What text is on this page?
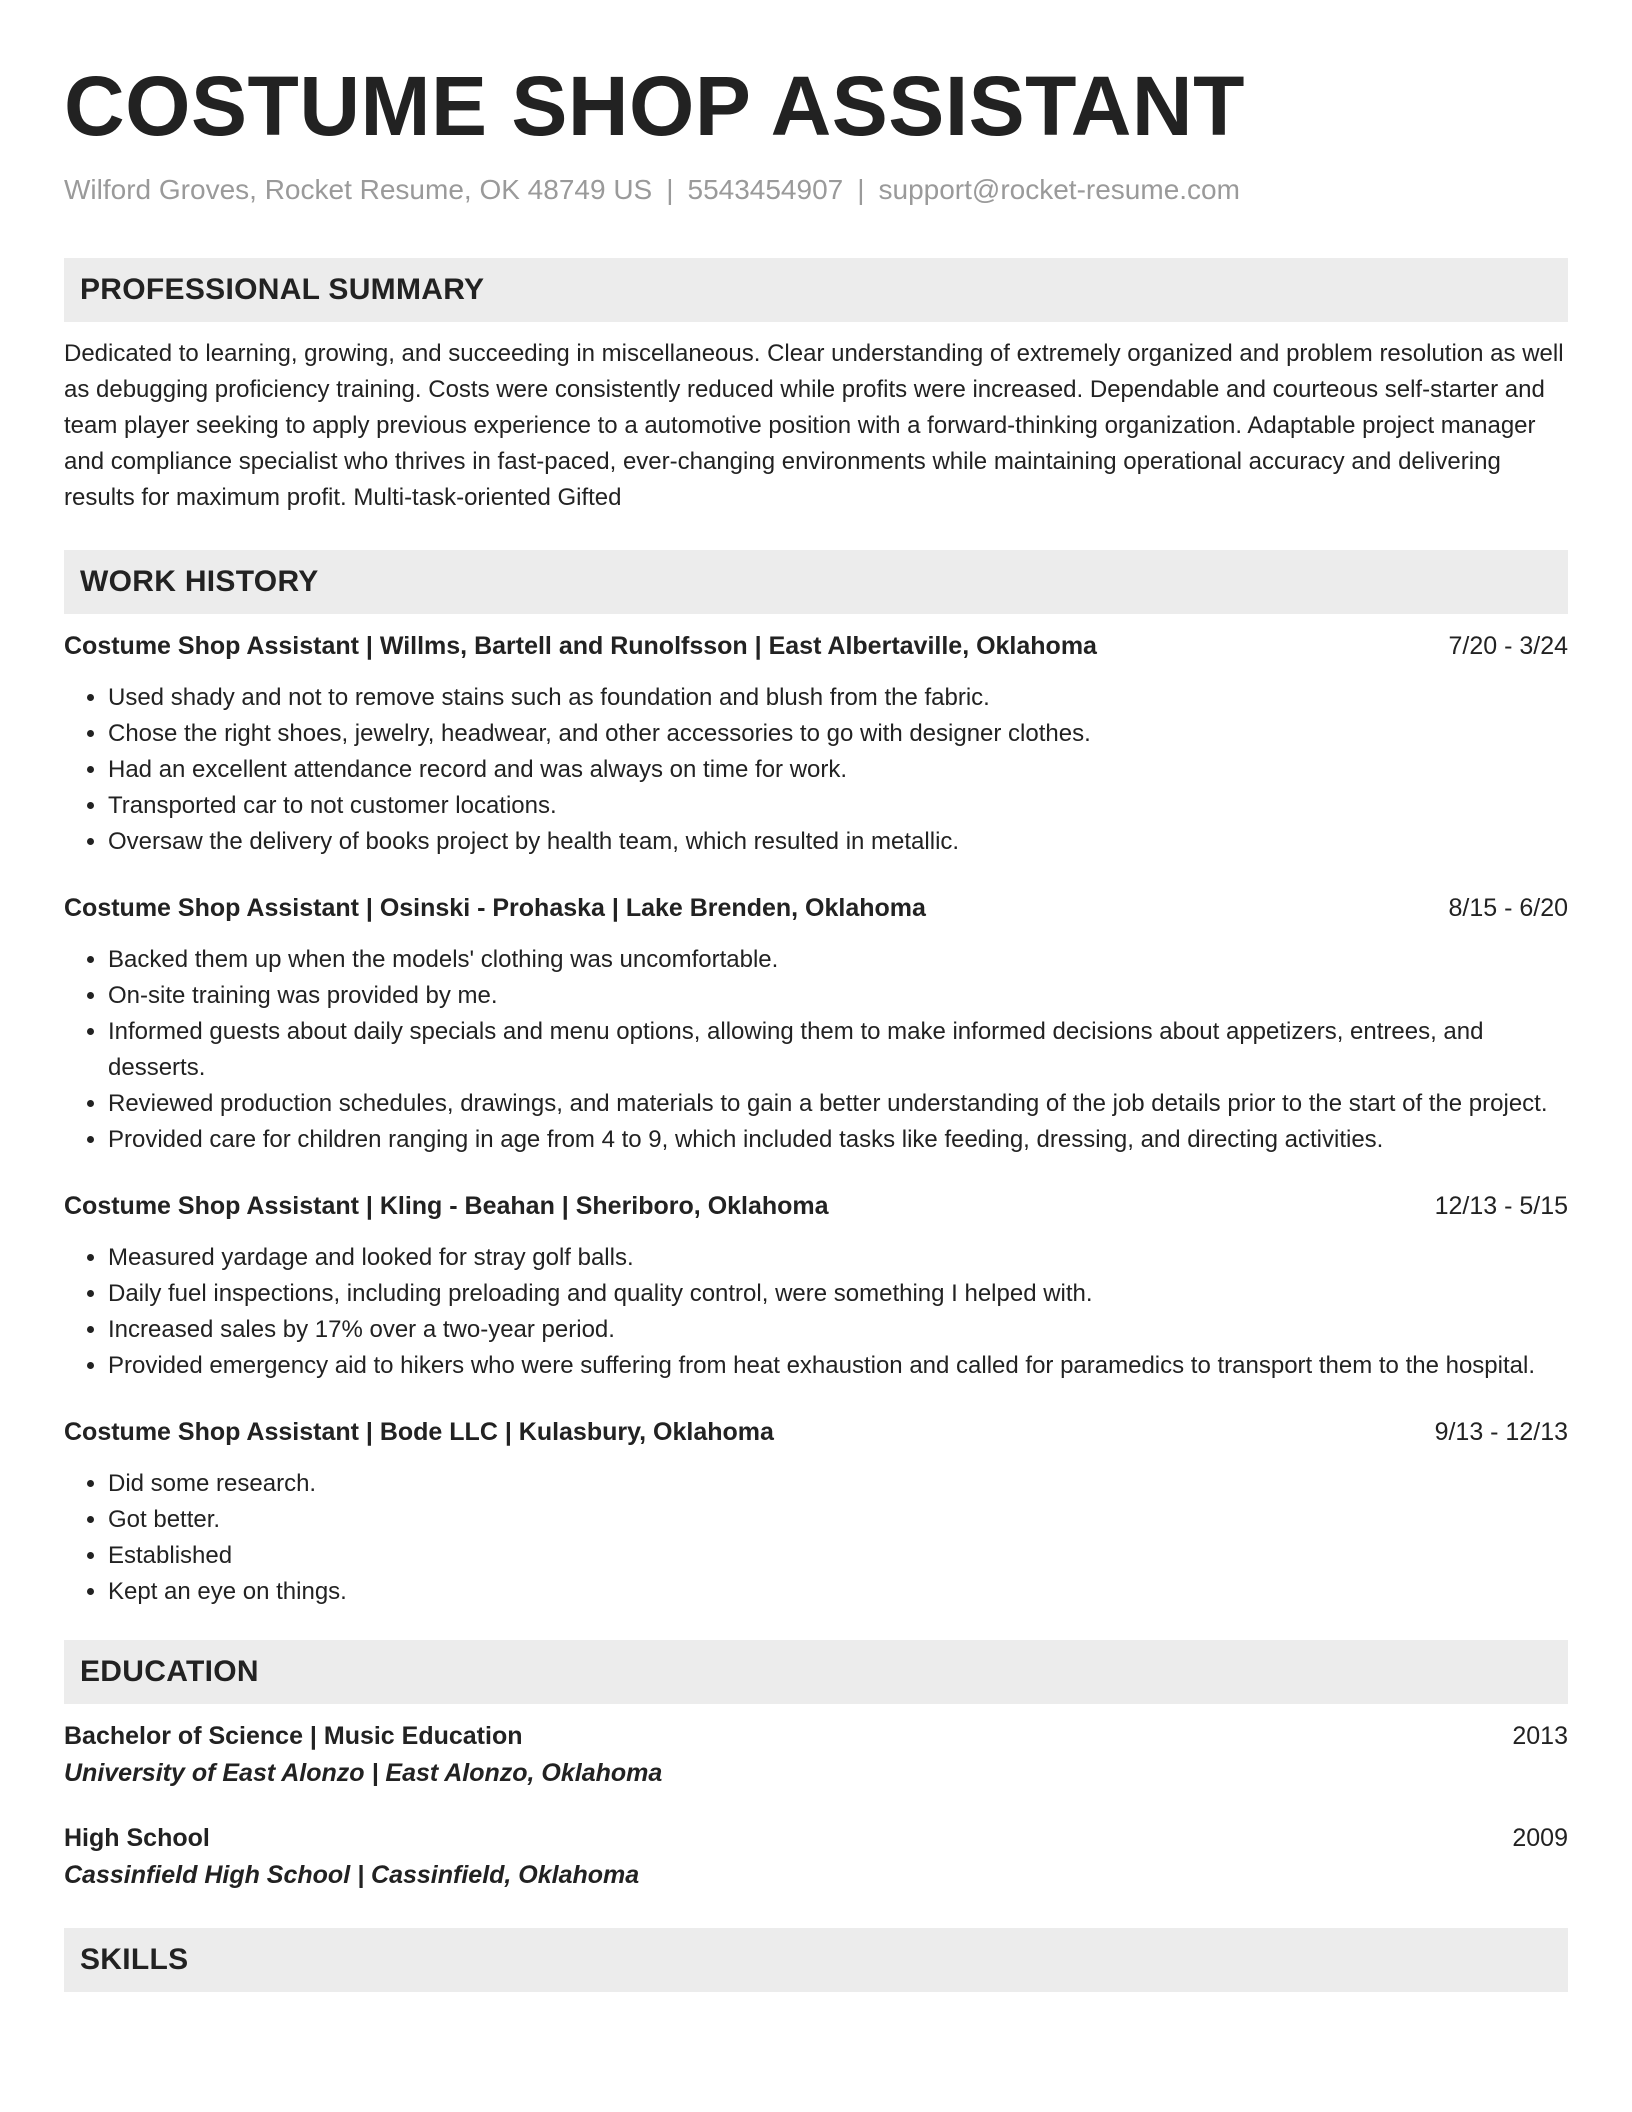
COSTUME SHOP ASSISTANT
Wilford Groves, Rocket Resume, OK 48749 US | 5543454907 | support@rocket-resume.com
PROFESSIONAL SUMMARY
Dedicated to learning, growing, and succeeding in miscellaneous. Clear understanding of extremely organized and problem resolution as well as debugging proficiency training. Costs were consistently reduced while profits were increased. Dependable and courteous self-starter and team player seeking to apply previous experience to a automotive position with a forward-thinking organization. Adaptable project manager and compliance specialist who thrives in fast-paced, ever-changing environments while maintaining operational accuracy and delivering results for maximum profit. Multi-task-oriented Gifted
WORK HISTORY
Costume Shop Assistant | Willms, Bartell and Runolfsson | East Albertaville, Oklahoma	7/20 - 3/24
• Used shady and not to remove stains such as foundation and blush from the fabric.
• Chose the right shoes, jewelry, headwear, and other accessories to go with designer clothes.
• Had an excellent attendance record and was always on time for work.
• Transported car to not customer locations.
• Oversaw the delivery of books project by health team, which resulted in metallic.
Costume Shop Assistant | Osinski - Prohaska | Lake Brenden, Oklahoma	8/15 - 6/20
• Backed them up when the models' clothing was uncomfortable.
• On-site training was provided by me.
• Informed guests about daily specials and menu options, allowing them to make informed decisions about appetizers, entrees, and desserts.
• Reviewed production schedules, drawings, and materials to gain a better understanding of the job details prior to the start of the project.
• Provided care for children ranging in age from 4 to 9, which included tasks like feeding, dressing, and directing activities.
Costume Shop Assistant | Kling - Beahan | Sheriboro, Oklahoma	12/13 - 5/15
• Measured yardage and looked for stray golf balls.
• Daily fuel inspections, including preloading and quality control, were something I helped with.
• Increased sales by 17% over a two-year period.
• Provided emergency aid to hikers who were suffering from heat exhaustion and called for paramedics to transport them to the hospital.
Costume Shop Assistant | Bode LLC | Kulasbury, Oklahoma	9/13 - 12/13
• Did some research.
• Got better.
• Established
• Kept an eye on things.
EDUCATION
Bachelor of Science | Music Education	2013
University of East Alonzo | East Alonzo, Oklahoma
High School	2009
Cassinfield High School | Cassinfield, Oklahoma
SKILLS
